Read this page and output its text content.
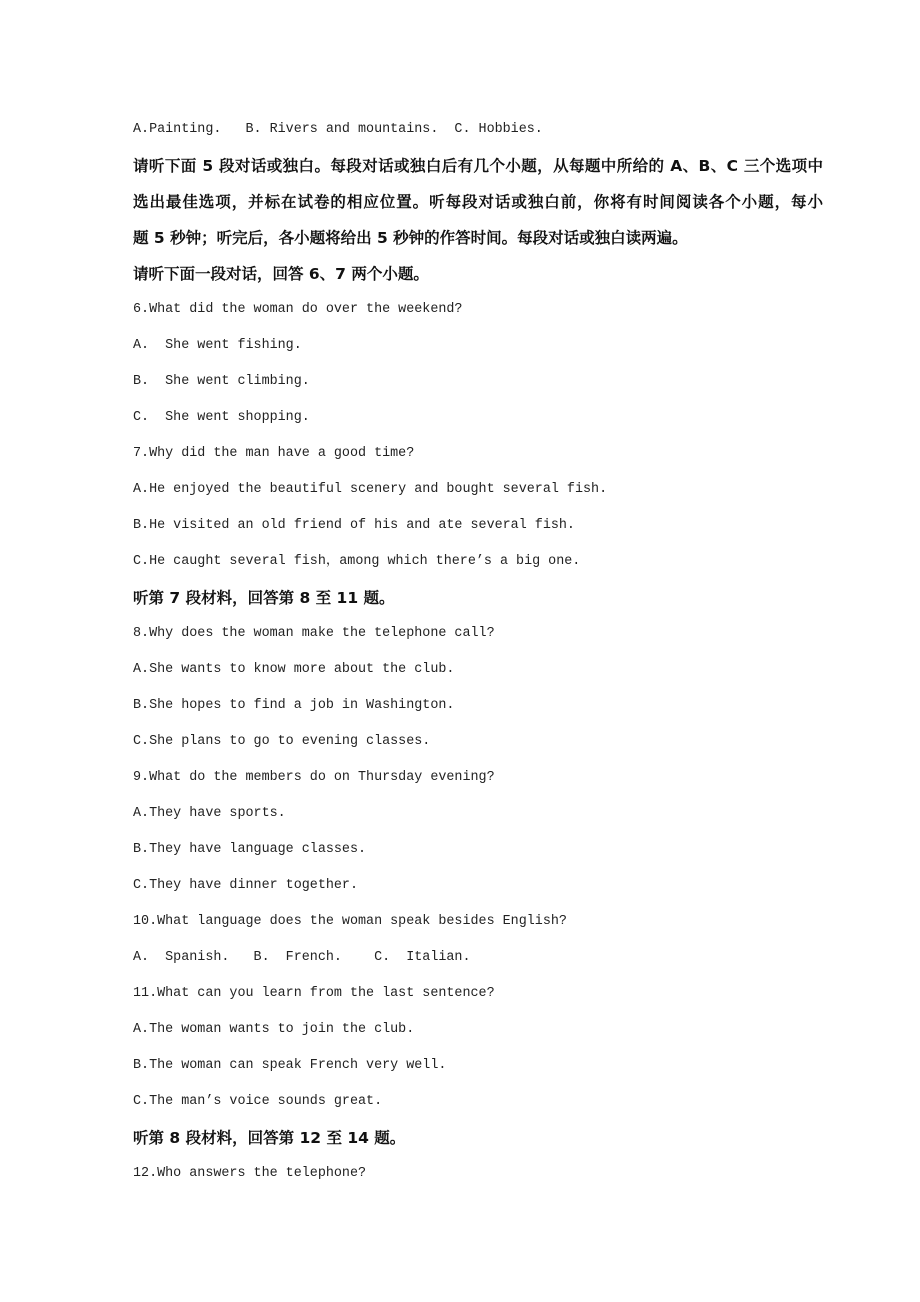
A.Painting.   B. Rivers and mountains.  C. Hobbies.
请听下面 5 段对话或独白。每段对话或独白后有几个小题，从每题中所给的 A、B、C 三个选项中
选出最佳选项，并标在试卷的相应位置。听每段对话或独白前，你将有时间阅读各个小题，每小
题 5 秒钟；听完后，各小题将给出 5 秒钟的作答时间。每段对话或独白读两遍。
请听下面一段对话，回答 6、7 两个小题。
6.What did the woman do over the weekend?
A.  She went fishing.
B.  She went climbing.
C.  She went shopping.
7.Why did the man have a good time?
A.He enjoyed the beautiful scenery and bought several fish.
B.He visited an old friend of his and ate several fish.
C.He caught several fish，among which there’s a big one.
听第 7 段材料，回答第 8 至 11 题。
8.Why does the woman make the telephone call?
A.She wants to know more about the club.
B.She hopes to find a job in Washington.
C.She plans to go to evening classes.
9.What do the members do on Thursday evening?
A.They have sports.
B.They have language classes.
C.They have dinner together.
10.What language does the woman speak besides English?
A.  Spanish.   B.  French.    C.  Italian.
11.What can you learn from the last sentence?
A.The woman wants to join the club.
B.The woman can speak French very well.
C.The man’s voice sounds great.
听第 8 段材料，回答第 12 至 14 题。
12.Who answers the telephone?
